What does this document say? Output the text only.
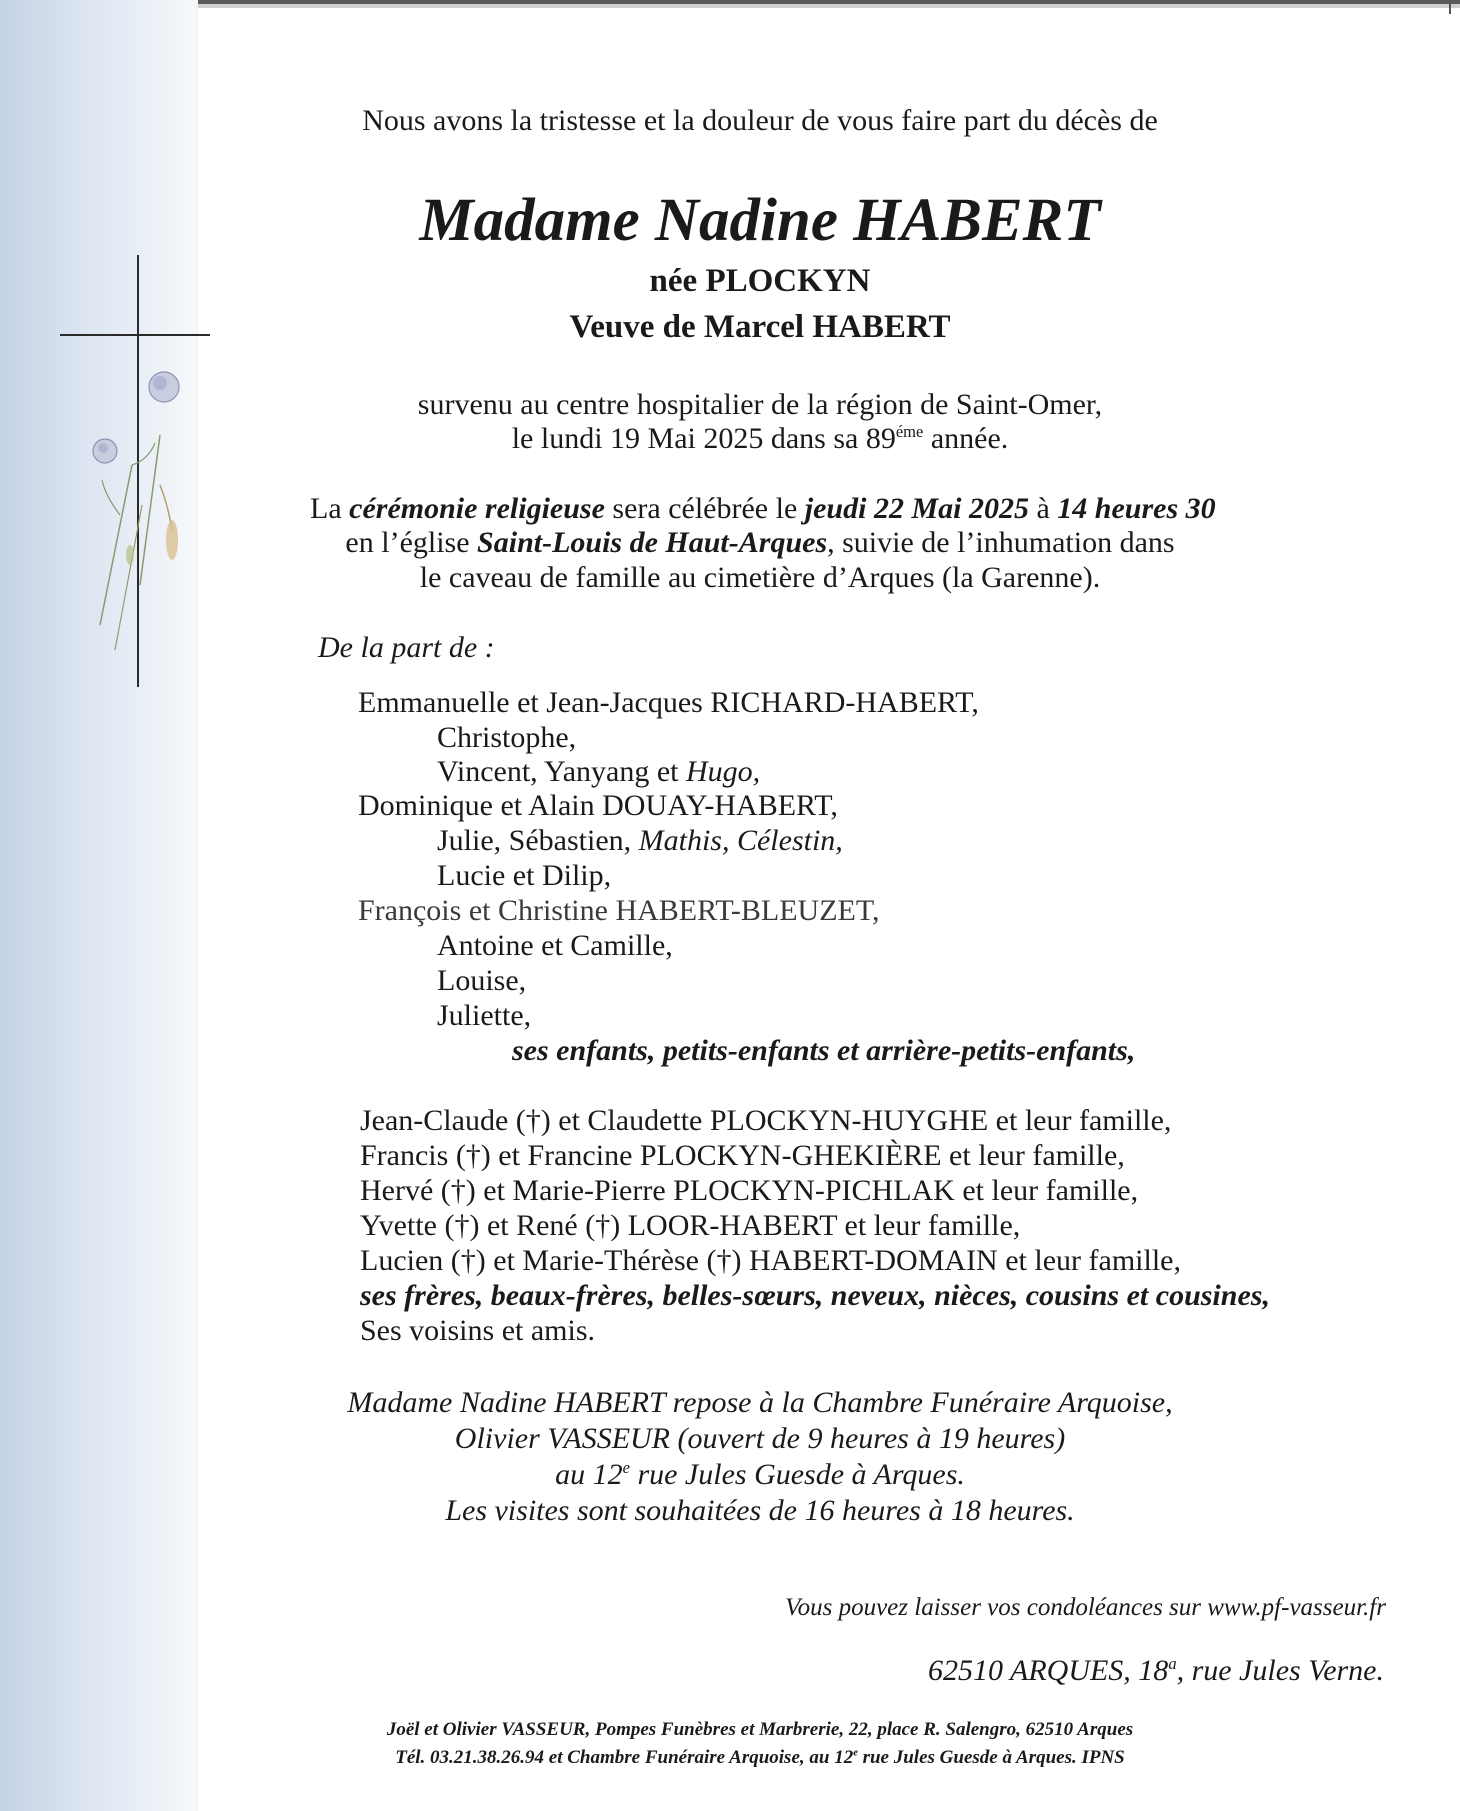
Nous avons la tristesse et la douleur de vous faire part du décès de
Madame Nadine HABERT
née PLOCKYN
Veuve de Marcel HABERT
survenu au centre hospitalier de la région de Saint-Omer,
le lundi 19 Mai 2025 dans sa $89^{éme}$ année.
La cérémonie religieuse sera célébrée le jeudi 22 Mai 2025 à 14 heures 30
en l’église Saint-Louis de Haut-Arques, suivie de l’inhumation dans
le caveau de famille au cimetière d’Arques (la Garenne).
De la part de :
Emmanuelle et Jean-Jacques RICHARD-HABERT,
Christophe,
Vincent, Yanyang et Hugo,
Dominique et Alain DOUAY-HABERT,
Julie, Sébastien, Mathis, Célestin,
Lucie et Dilip,
François et Christine HABERT-BLEUZET,
Antoine et Camille,
Louise,
Juliette,
ses enfants, petits-enfants et arrière-petits-enfants,
Jean-Claude (†) et Claudette PLOCKYN-HUYGHE et leur famille,
Francis (†) et Francine PLOCKYN-GHEKIÈRE et leur famille,
Hervé (†) et Marie-Pierre PLOCKYN-PICHLAK et leur famille,
Yvette (†) et René (†) LOOR-HABERT et leur famille,
Lucien (†) et Marie-Thérèse (†) HABERT-DOMAIN et leur famille,
ses frères, beaux-frères, belles-sœurs, neveux, nièces, cousins et cousines,
Ses voisins et amis.
Madame Nadine HABERT repose à la Chambre Funéraire Arquoise,
Olivier VASSEUR (ouvert de 9 heures à 19 heures)
au 12e rue Jules Guesde à Arques.
Les visites sont souhaitées de 16 heures à 18 heures.
Vous pouvez laisser vos condoléances sur www.pf-vasseur.fr
62510 ARQUES, 18$^a$, rue Jules Verne.
Joël et Olivier VASSEUR, Pompes Funèbres et Marbrerie, 22, place R. Salengro, 62510 Arques
Tél. 03.21.38.26.94 et Chambre Funéraire Arquoise, au 12e rue Jules Guesde à Arques. IPNS
